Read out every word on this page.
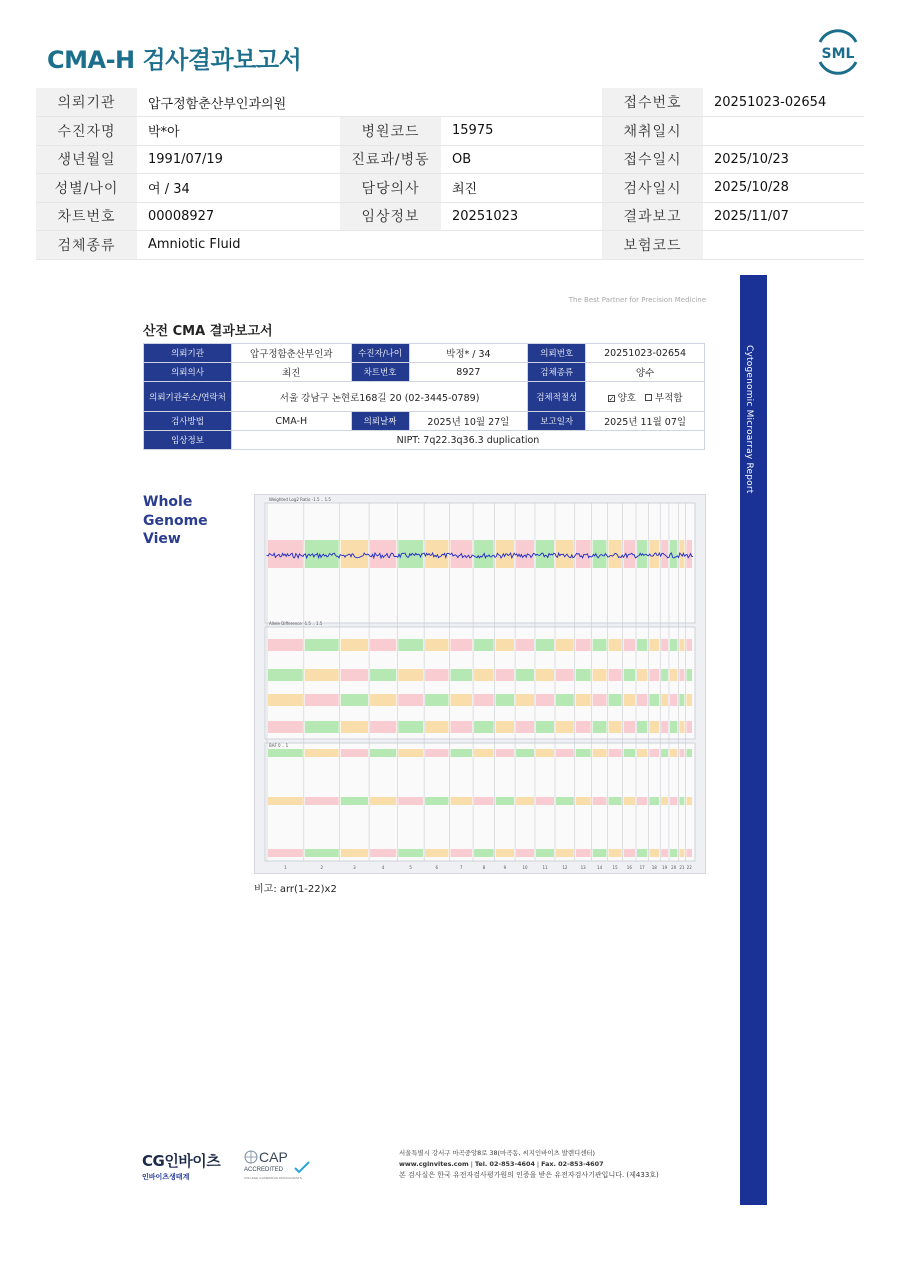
CMA-H 검사결과보고서	SML
의뢰기관	압구정함춘산부인과의원			접수번호	20251023-02654
수진자명	박*아	병원코드	15975	채취일시	
생년월일	1991/07/19	진료과/병동	OB	접수일시	2025/10/23
성별/나이	여 / 34	담당의사	최진	검사일시	2025/10/28
차트번호	00008927	임상정보	20251023	결과보고	2025/11/07
검체종류	Amniotic Fluid			보험코드	
The Best Partner for Precision Medicine
산전 CMA 결과보고서
의뢰기관	압구정함춘산부인과	수진자/나이	박정* / 34	의뢰번호	20251023-02654
의뢰의사	최진	차트번호	8927	검체종류	양수
의뢰기관주소/연락처	서울 강남구 논현로168길 20 (02-3445-0789)			검체적절성	✓ 양호 부적합
검사방법	CMA-H	의뢰날짜	2025년 10월 27일	보고일자	2025년 11월 07일
임상정보	NIPT: 7q22.3q36.3 duplication				
Whole Genome View
Weighted Log2 Ratio -1.5 .. 1.5
Allele Difference -1.5 .. 1.5
BAF 0 .. 1
1	2	3	4	5	6	7	8	9	10	11	12	13	14	15 16 17 18 19 20 21 22
비고: arr(1-22)x2
Cytogenomic Microarray Report
CG인바이츠
인바이츠생태계
CAP
ACCREDITED
COLLEGE of AMERICAN PATHOLOGISTS
서울특별시 강서구 마곡중앙8로 38(마곡동, 씨지인바이츠 발렌디센터)
www.cginvites.com | Tel. 02-853-4604 | Fax. 02-853-4607
본 검사실은 한국 유전자검사평가원의 인증을 받은 유전자검사기관입니다. (제433호)
